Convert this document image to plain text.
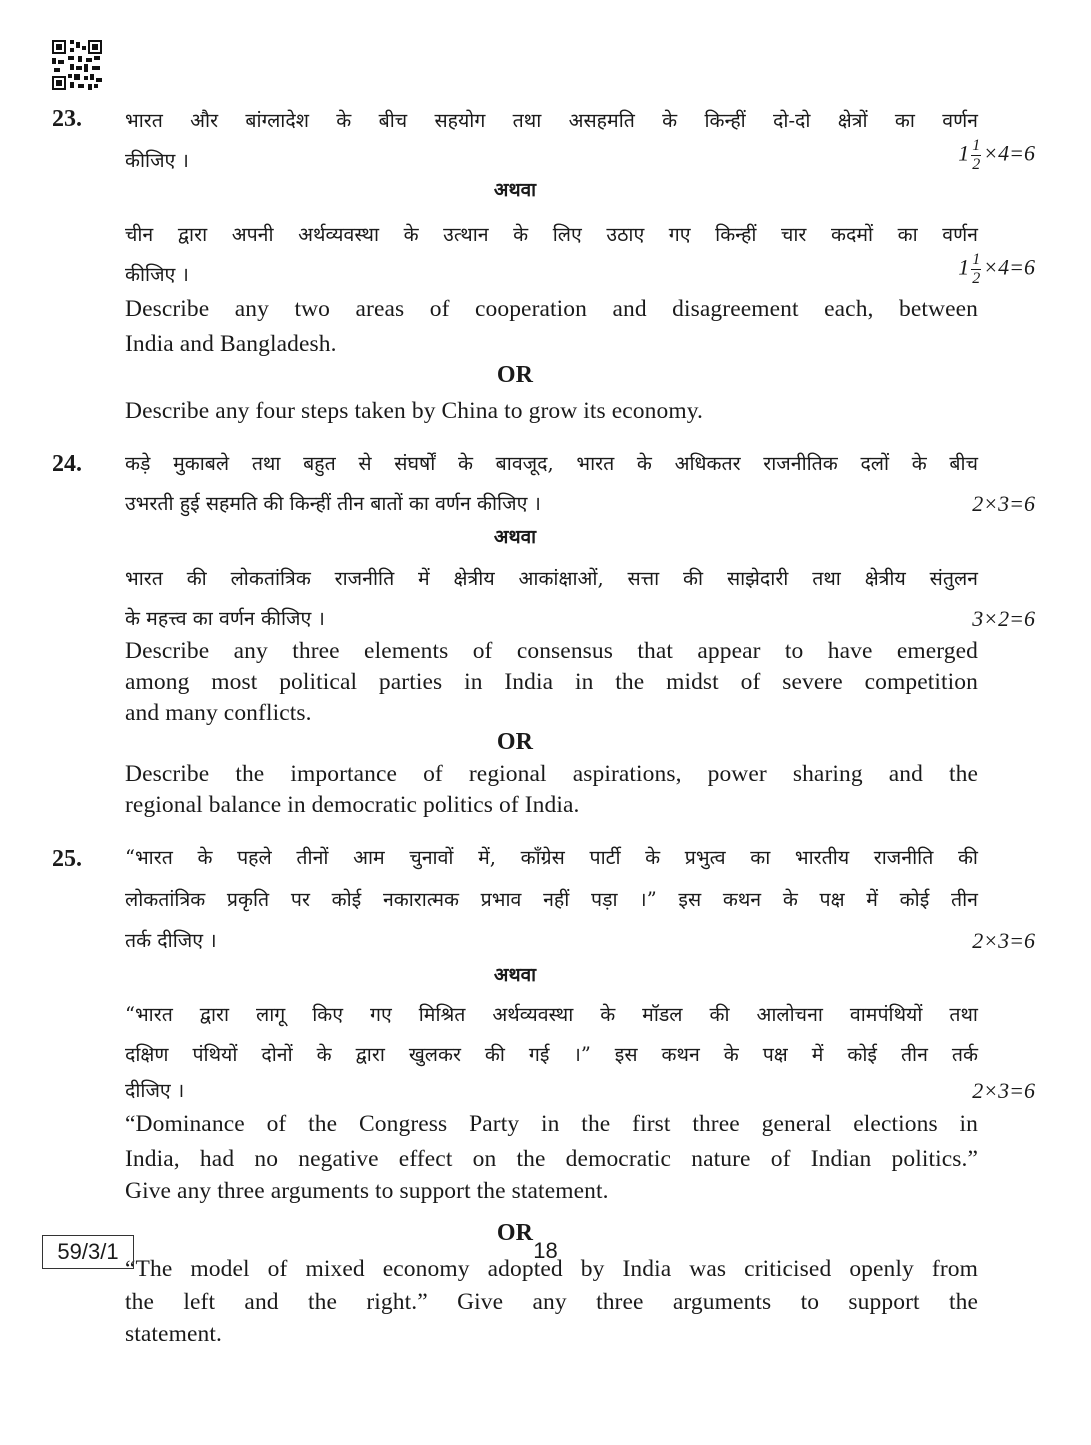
23.	भारत और बांग्लादेश के बीच सहयोग तथा असहमति के किन्हीं दो-दो क्षेत्रों का वर्णन
कीजिए ।	$1 \frac{1}{2} \times 4=6$
अथवा
चीन द्वारा अपनी अर्थव्यवस्था के उत्थान के लिए उठाए गए किन्हीं चार कदमों का वर्णन
कीजिए ।	$1 \frac{1}{2} \times 4=6$
Describe any two areas of cooperation and disagreement each, between
India and Bangladesh.
OR
Describe any four steps taken by China to grow its economy.
24.	कड़े मुकाबले तथा बहुत से संघर्षों के बावजूद, भारत के अधिकतर राजनीतिक दलों के बीच
उभरती हुई सहमति की किन्हीं तीन बातों का वर्णन कीजिए ।	2×3=6
अथवा
भारत की लोकतांत्रिक राजनीति में क्षेत्रीय आकांक्षाओं, सत्ता की साझेदारी तथा क्षेत्रीय संतुलन
के महत्त्व का वर्णन कीजिए ।	3×2=6
Describe any three elements of consensus that appear to have emerged
among most political parties in India in the midst of severe competition
and many conflicts.
OR
Describe the importance of regional aspirations, power sharing and the
regional balance in democratic politics of India.
25.	“भारत के पहले तीनों आम चुनावों में, कॉंग्रेस पार्टी के प्रभुत्व का भारतीय राजनीति की
लोकतांत्रिक प्रकृति पर कोई नकारात्मक प्रभाव नहीं पड़ा ।” इस कथन के पक्ष में कोई तीन
तर्क दीजिए ।	2×3=6
अथवा
“भारत द्वारा लागू किए गए मिश्रित अर्थव्यवस्था के मॉडल की आलोचना वामपंथियों तथा
दक्षिण पंथियों दोनों के द्वारा खुलकर की गई ।” इस कथन के पक्ष में कोई तीन तर्क
दीजिए ।	2×3=6
“Dominance of the Congress Party in the first three general elections in
India, had no negative effect on the democratic nature of Indian politics.”
Give any three arguments to support the statement.
OR
“The model of mixed economy adopted by India was criticised openly from
the left and the right.” Give any three arguments to support the
statement.
59/3/1	18
